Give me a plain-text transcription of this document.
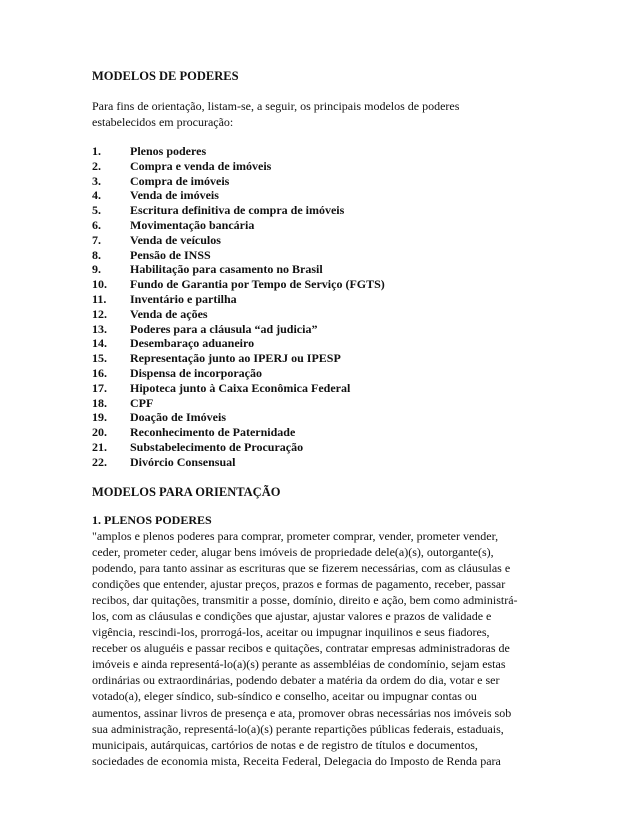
MODELOS DE PODERES
Para fins de orientação, listam-se, a seguir, os principais modelos de poderes
estabelecidos em procuração:
1.	Plenos poderes
2.	Compra e venda de imóveis
3.	Compra de imóveis
4.	Venda de imóveis
5.	Escritura definitiva de compra de imóveis
6.	Movimentação bancária
7.	Venda de veículos
8.	Pensão de INSS
9.	Habilitação para casamento no Brasil
10.	Fundo de Garantia por Tempo de Serviço (FGTS)
11.	Inventário e partilha
12.	Venda de ações
13.	Poderes para a cláusula “ad judicia”
14.	Desembaraço aduaneiro
15.	Representação junto ao IPERJ ou IPESP
16.	Dispensa de incorporação
17.	Hipoteca junto à Caixa Econômica Federal
18.	CPF
19.	Doação de Imóveis
20.	Reconhecimento de Paternidade
21.	Substabelecimento de Procuração
22.	Divórcio Consensual
MODELOS PARA ORIENTAÇÃO
1. PLENOS PODERES
"amplos e plenos poderes para comprar, prometer comprar, vender, prometer vender,
ceder, prometer ceder, alugar bens imóveis de propriedade dele(a)(s), outorgante(s),
podendo, para tanto assinar as escrituras que se fizerem necessárias, com as cláusulas e
condições que entender, ajustar preços, prazos e formas de pagamento, receber, passar
recibos, dar quitações, transmitir a posse, domínio, direito e ação, bem como administrá-
los, com as cláusulas e condições que ajustar, ajustar valores e prazos de validade e
vigência, rescindi-los, prorrogá-los, aceitar ou impugnar inquilinos e seus fiadores,
receber os aluguéis e passar recibos e quitações, contratar empresas administradoras de
imóveis e ainda representá-lo(a)(s) perante as assembléias de condomínio, sejam estas
ordinárias ou extraordinárias, podendo debater a matéria da ordem do dia, votar e ser
votado(a), eleger síndico, sub-síndico e conselho, aceitar ou impugnar contas ou
aumentos, assinar livros de presença e ata, promover obras necessárias nos imóveis sob
sua administração, representá-lo(a)(s) perante repartições públicas federais, estaduais,
municipais, autárquicas, cartórios de notas e de registro de títulos e documentos,
sociedades de economia mista, Receita Federal, Delegacia do Imposto de Renda para
